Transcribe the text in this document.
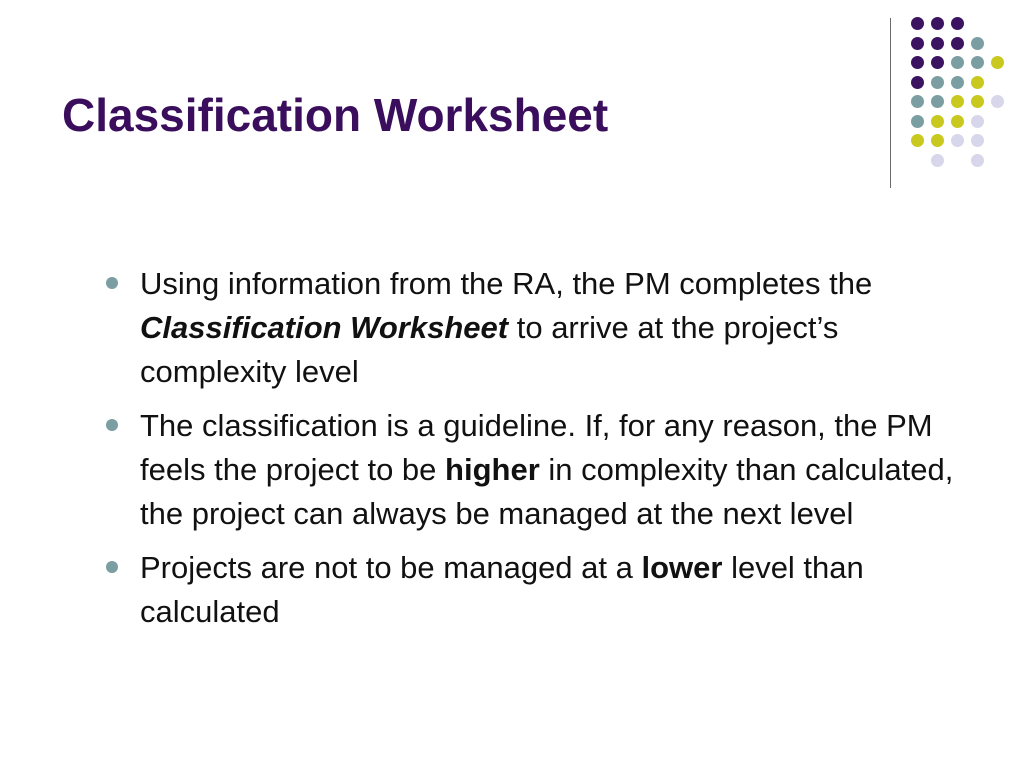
Classification Worksheet
Using information from the RA, the PM completes the Classification Worksheet to arrive at the project’s complexity level
The classification is a guideline. If, for any reason, the PM feels the project to be higher in complexity than calculated, the project can always be managed at the next level
Projects are not to be managed at a lower level than calculated
